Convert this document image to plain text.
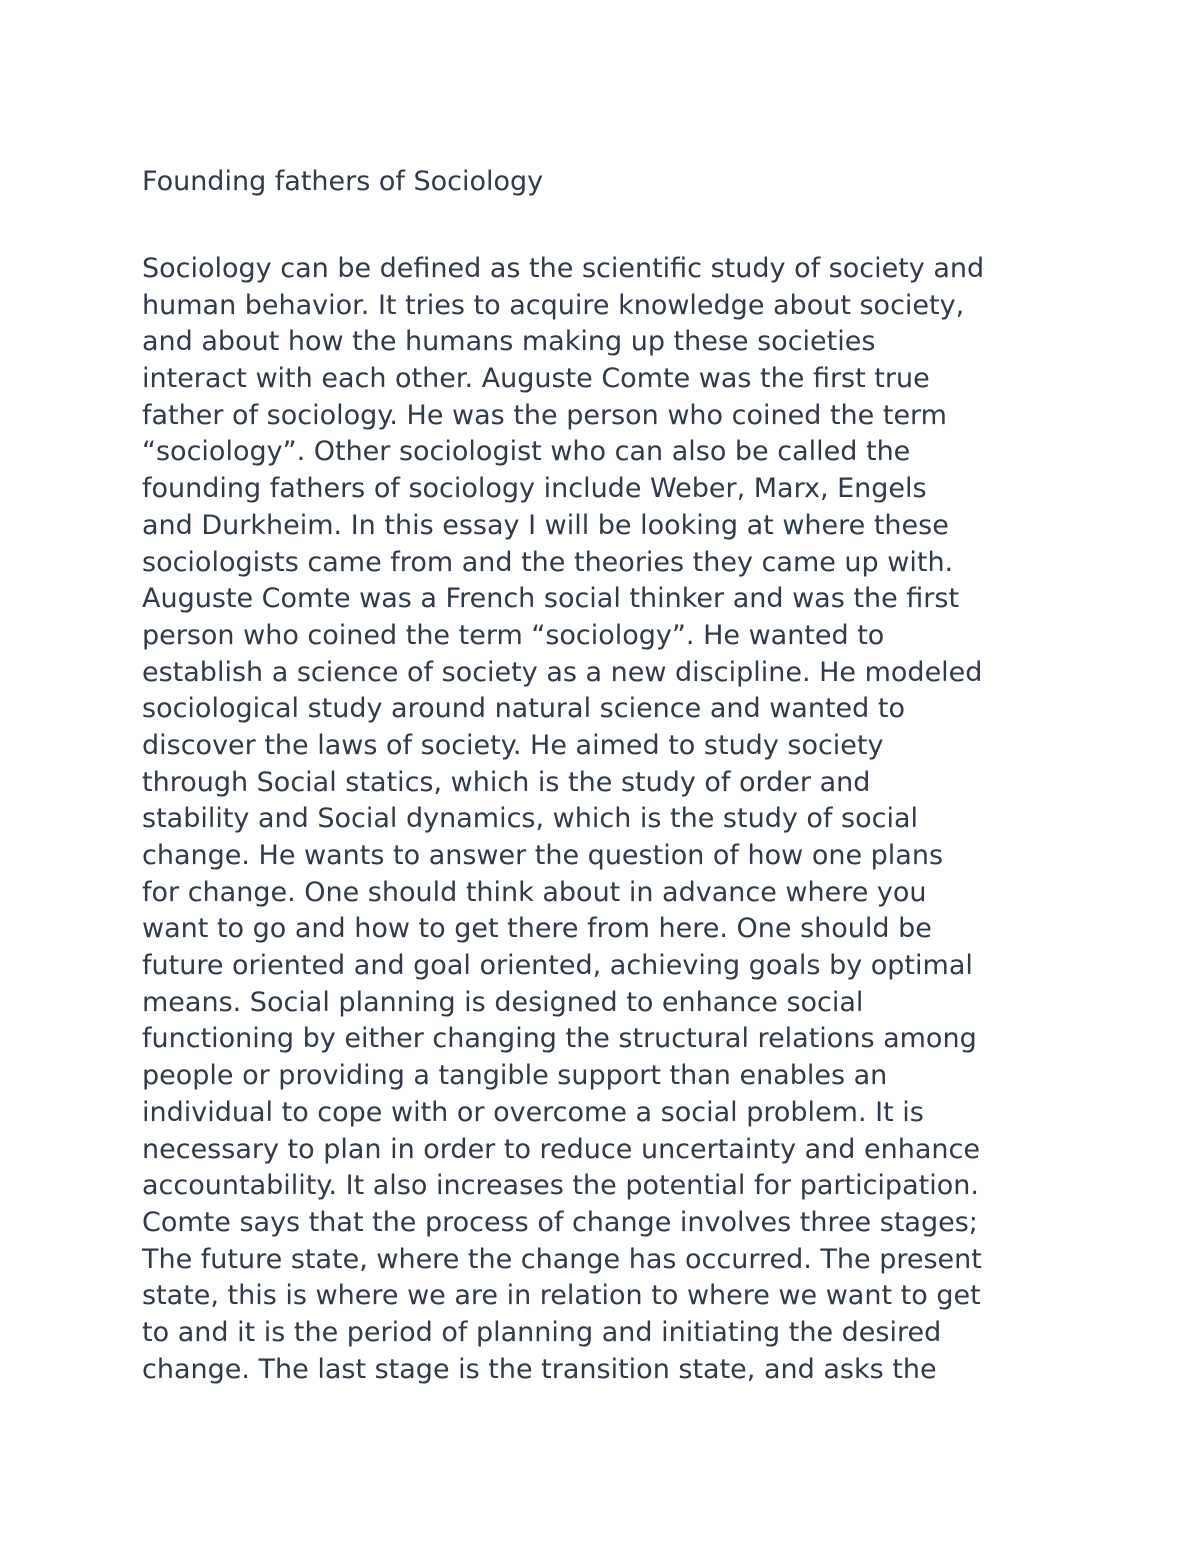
Founding fathers of Sociology
Sociology can be defined as the scientific study of society and
human behavior. It tries to acquire knowledge about society,
and about how the humans making up these societies
interact with each other. Auguste Comte was the first true
father of sociology. He was the person who coined the term
“sociology”. Other sociologist who can also be called the
founding fathers of sociology include Weber, Marx, Engels
and Durkheim. In this essay I will be looking at where these
sociologists came from and the theories they came up with.
Auguste Comte was a French social thinker and was the first
person who coined the term “sociology”. He wanted to
establish a science of society as a new discipline. He modeled
sociological study around natural science and wanted to
discover the laws of society. He aimed to study society
through Social statics, which is the study of order and
stability and Social dynamics, which is the study of social
change. He wants to answer the question of how one plans
for change. One should think about in advance where you
want to go and how to get there from here. One should be
future oriented and goal oriented, achieving goals by optimal
means. Social planning is designed to enhance social
functioning by either changing the structural relations among
people or providing a tangible support than enables an
individual to cope with or overcome a social problem. It is
necessary to plan in order to reduce uncertainty and enhance
accountability. It also increases the potential for participation.
Comte says that the process of change involves three stages;
The future state, where the change has occurred. The present
state, this is where we are in relation to where we want to get
to and it is the period of planning and initiating the desired
change. The last stage is the transition state, and asks the
